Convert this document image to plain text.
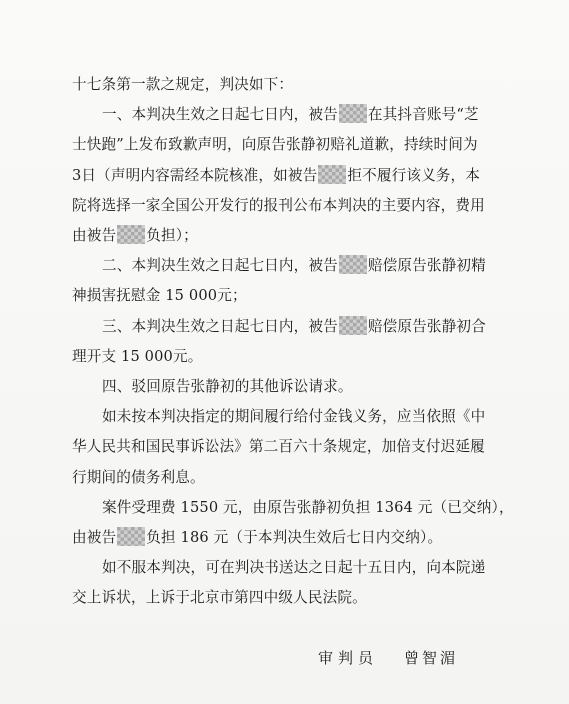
十七条第一款之规定，判决如下：
一、本判决生效之日起七日内，被告 在其抖音账号“芝
士快跑”上发布致歉声明，向原告张静初赔礼道歉，持续时间为
3日（声明内容需经本院核准，如被告 拒不履行该义务，本
院将选择一家全国公开发行的报刊公布本判决的主要内容，费用
由被告 负担）；
二、本判决生效之日起七日内，被告 赔偿原告张静初精
神损害抚慰金 15 000元；
三、本判决生效之日起七日内，被告 赔偿原告张静初合
理开支 15 000元。
四、驳回原告张静初的其他诉讼请求。
如未按本判决指定的期间履行给付金钱义务，应当依照《中
华人民共和国民事诉讼法》第二百六十条规定，加倍支付迟延履
行期间的债务利息。
案件受理费 1550 元，由原告张静初负担 1364 元（已交纳），
由被告 负担 186 元（于本判决生效后七日内交纳）。
如不服本判决，可在判决书送达之日起十五日内，向本院递
交上诉状，上诉于北京市第四中级人民法院。
审判员 曾智湄
